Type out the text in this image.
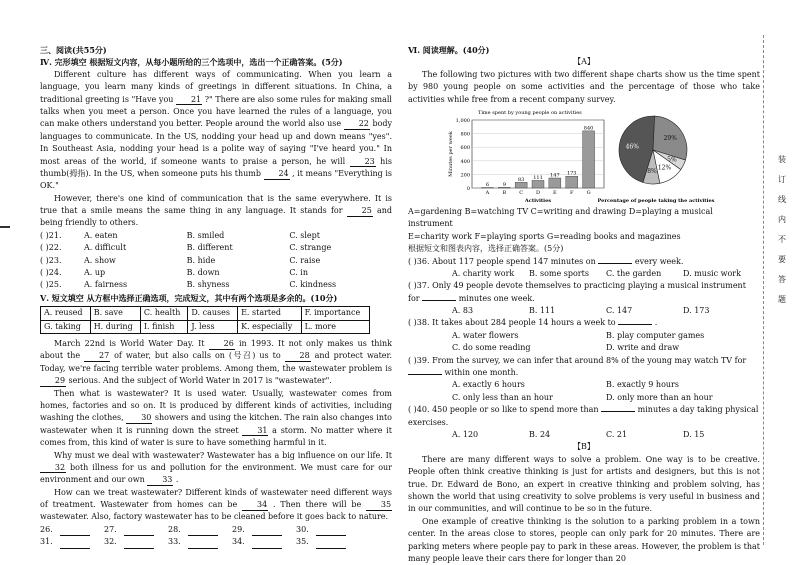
装
订
线
内
不
要
答
题

三、阅读(共55分)

Ⅳ. 完形填空 根据短文内容，从每小题所给的三个选项中，选出一个正确答案。(5分)

Different culture has different ways of communicating. When you learn a language, you learn many kinds of greetings in different situations. In China, a traditional greeting is "Have you 21 ?" There are also some rules for making small talks when you meet a person. Once you have learned the rules of a language, you can make others understand you better. People around the world also use 22 body languages to communicate. In the US, nodding your head up and down means "yes". In Southeast Asia, nodding your head is a polite way of saying "I've heard you." In most areas of the world, if someone wants to praise a person, he will 23 his thumb(拇指). In the US, when someone puts his thumb 24 , it means "Everything is OK."

However, there's one kind of communication that is the same everywhere. It is true that a smile means the same thing in any language. It stands for 25 and being friendly to others.

( )21.	A. eaten	B. smiled	C. slept
( )22.	A. difficult	B. different	C. strange
( )23.	A. show	B. hide	C. raise
( )24.	A. up	B. down	C. in
( )25.	A. fairness	B. shyness	C. kindness

Ⅴ. 短文填空 从方框中选择正确选项，完成短文，其中有两个选项是多余的。(10分)

A. reused	B. save	C. health	D. causes	E. started	F. importance
G. taking	H. during	I. finish	J. less	K. especially	L. more

March 22nd is World Water Day. It 26 in 1993. It not only makes us think about the 27 of water, but also calls on (号召) us to 28 and protect water. Today, we're facing terrible water problems. Among them, the wastewater problem is 29 serious. And the subject of World Water in 2017 is "wastewater".

Then what is wastewater? It is used water. Usually, wastewater comes from homes, factories and so on. It is produced by different kinds of activities, including washing the clothes, 30 showers and using the kitchen. The rain also changes into wastewater when it is running down the street 31 a storm. No matter where it comes from, this kind of water is sure to have something harmful in it.

Why must we deal with wastewater? Wastewater has a big influence on our life. It 32 both illness for us and pollution for the environment. We must care for our environment and our own 33 .

How can we treat wastewater? Different kinds of wastewater need different ways of treatment. Wastewater from homes can be 34 . Then there will be 35 wastewater. Also, factory wastewater has to be cleaned before it goes back to nature.

26.	27.	28.	29.	30.
31.	32.	33.	34.	35.

Ⅵ. 阅读理解。(40分)

【A】

The following two pictures with two different shape charts show us the time spent by 980 young people on some activities and the percentage of those who take activities while free from a recent company survey.

Time spent by young people on activities
1,000
800
600
400
200
0
Minutes per week
6
A
9
B
83
C
111
D
147
E
173
F
840
G
Activities
46%
29%
5%
12%
8%
Percentage of people taking the activities

A=gardening B=watching TV C=writing and drawing D=playing a musical instrument

E=charity work F=playing sports G=reading books and magazines

根据短文和图表内容，选择正确答案。(5分)

( )36. About 117 people spend 147 minutes on	every week.

A. charity work	B. some sports	C. the garden	D. music work

( )37. Only 49 people devote themselves to practicing playing a musical instrument for	minutes one week.

A. 83	B. 111	C. 147	D. 173

( )38. It takes about 284 people 14 hours a week to	.

A. water flowers	B. play computer games
C. do some reading	D. write and draw

( )39. From the survey, we can infer that around 8% of the young may watch TV for  within one month.

A. exactly 6 hours	B. exactly 9 hours
C. only less than an hour	D. only more than an hour

( )40. 450 people or so like to spend more than	minutes a day taking physical exercises.

A. 120	B. 24	C. 21	D. 15

【B】

There are many different ways to solve a problem. One way is to be creative. People often think creative thinking is just for artists and designers, but this is not true. Dr. Edward de Bono, an expert in creative thinking and problem solving, has shown the world that using creativity to solve problems is very useful in business and in our communities, and will continue to be so in the future.

One example of creative thinking is the solution to a parking problem in a town center. In the areas close to stores, people can only park for 20 minutes. There are parking meters where people pay to park in these areas. However, the problem is that many people leave their cars there for longer than 20
